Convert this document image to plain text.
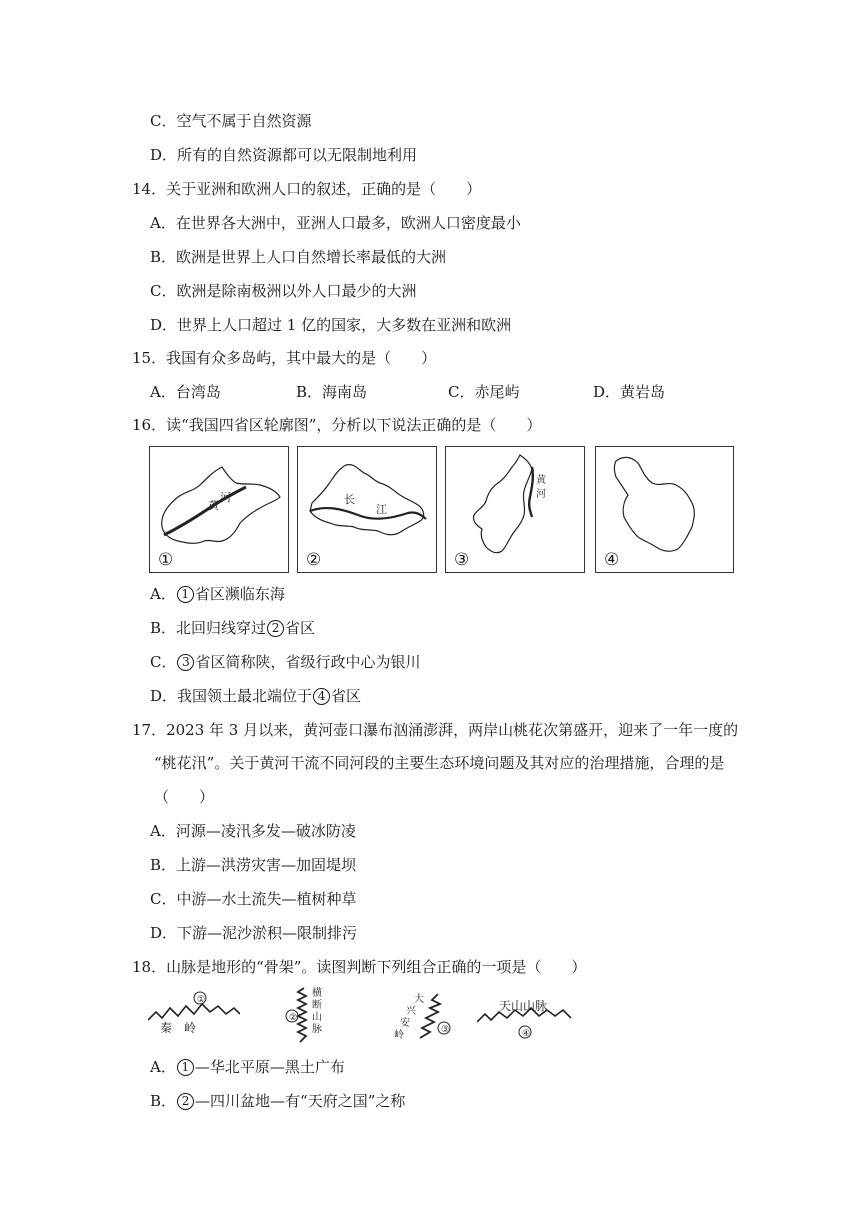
C．空气不属于自然资源
D．所有的自然资源都可以无限制地利用
14．关于亚洲和欧洲人口的叙述，正确的是（　　）
A．在世界各大洲中，亚洲人口最多，欧洲人口密度最小
B．欧洲是世界上人口自然增长率最低的大洲
C．欧洲是除南极洲以外人口最少的大洲
D．世界上人口超过 1 亿的国家，大多数在亚洲和欧洲
15．我国有众多岛屿，其中最大的是（　　）
A．台湾岛	B．海南岛	C．赤尾屿	D．黄岩岛
16．读“我国四省区轮廓图”，分析以下说法正确的是（　　）
黄
河
①
长
江
②
黄
河
③	④
A． 1 省区濒临东海
B．北回归线穿过 2 省区
C． 3 省区简称陕，省级行政中心为银川
D．我国领土最北端位于 4 省区
17．2023 年 3 月以来，黄河壶口瀑布汹涌澎湃，两岸山桃花次第盛开，迎来了一年一度的
“桃花汛”。关于黄河干流不同河段的主要生态环境问题及其对应的治理措施，合理的是
（　　）
A．河源—凌汛多发—破冰防凌
B．上游—洪涝灾害—加固堤坝
C．中游—水土流失—植树种草
D．下游—泥沙淤积—限制排污
18．山脉是地形的“骨架”。读图判断下列组合正确的一项是（　　）
①
秦　岭
②
横
断
山
脉	③
大
兴
安
岭
天山山脉
④
A． 1 —华北平原—黑土广布
B． 2 —四川盆地—有“天府之国”之称
